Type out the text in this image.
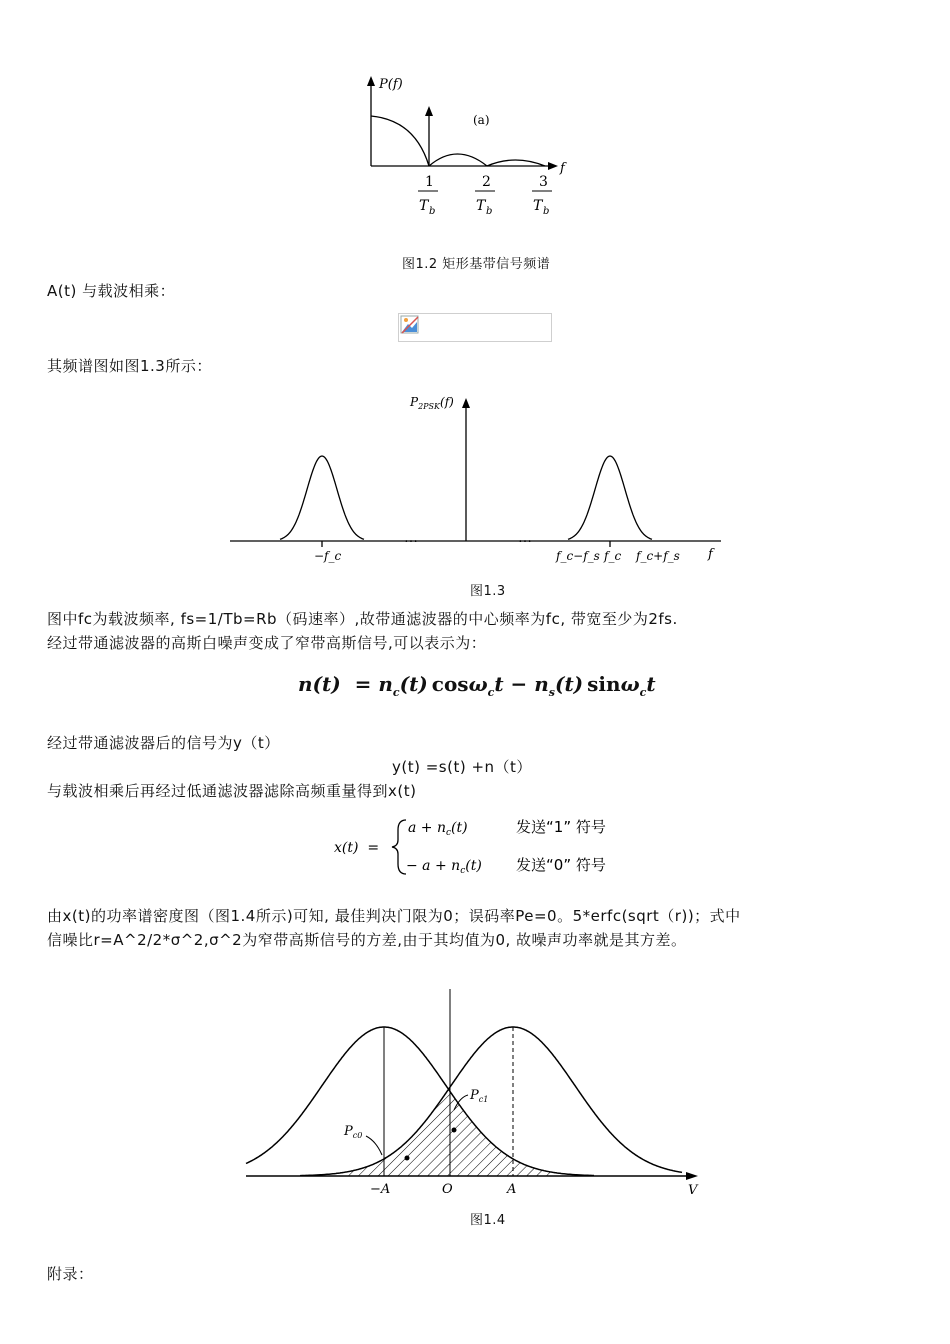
P(f)
f
(a)
1
T b
2
T b
3
T b
图1.2 矩形基带信号频谱
A(t) 与载波相乘：
其频谱图如图1.3所示：
$P_{2PSK}(f)$
−f_c
…	…
f_c−f_s f_c f_c+f_s f
图1.3
图中fc为载波频率, fs=1/Tb=Rb（码速率）,故带通滤波器的中心频率为fc, 带宽至少为2fs.
经过带通滤波器的高斯白噪声变成了窄带高斯信号,可以表示为：
$n(t) = n_c(t) \cos\omega_ct - n_s(t)$ sinω$_c$t
经过带通滤波器后的信号为y（t）
y(t) =s(t) +n（t）
与载波相乘后再经过低通滤波器滤除高频重量得到x(t)
x(t)  =
$a + n_c(t)$	发送“1” 符号
− $a + n_c(t)$ 发送“0” 符号
由x(t)的功率谱密度图（图1.4所示)可知, 最佳判决门限为0；误码率Pe=0。5*erfc(sqrt（r))；式中
信噪比r=A^2/2*σ^2,σ^2为窄带高斯信号的方差,由于其均值为0, 故噪声功率就是其方差。
$P_{c1}$
$P_{c0}$
−A	O	A	V
图1.4
附录：
